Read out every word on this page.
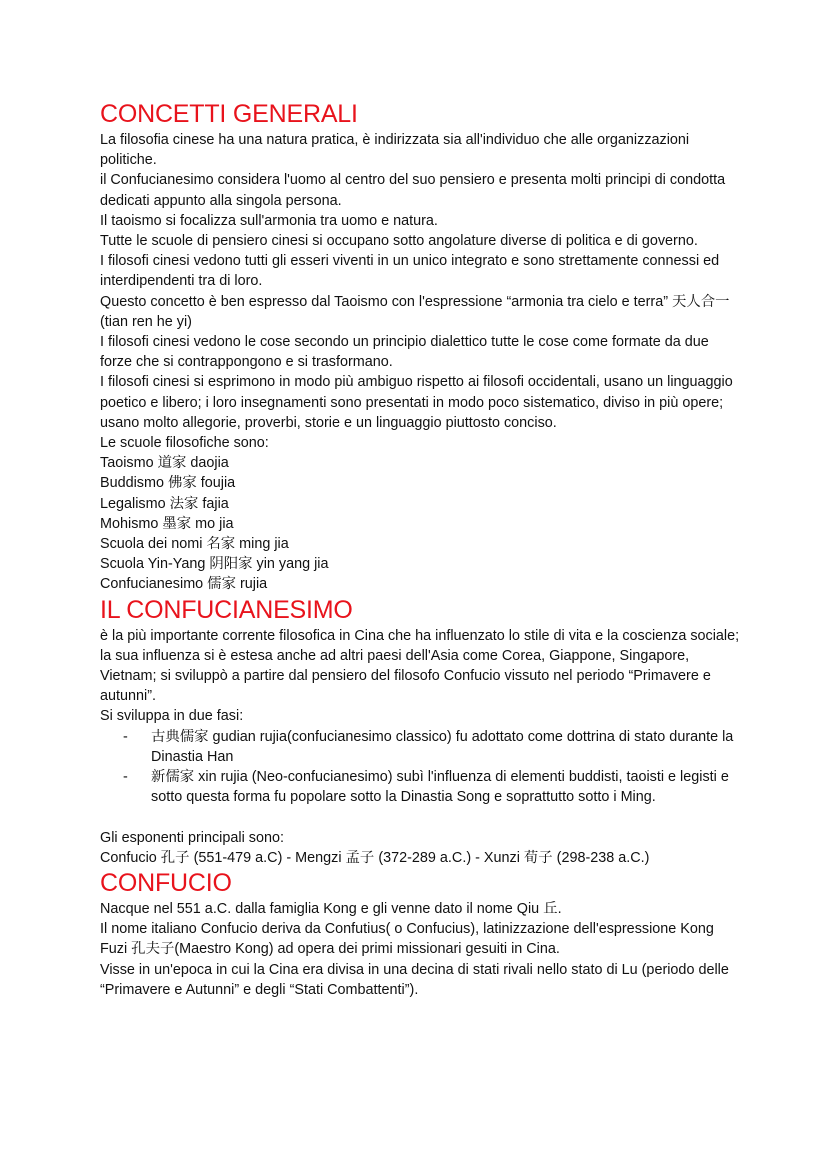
CONCETTI GENERALI

La filosofia cinese ha una natura pratica, è indirizzata sia all'individuo che alle organizzazioni politiche.

il Confucianesimo considera l'uomo al centro del suo pensiero e presenta molti principi di condotta dedicati appunto alla singola persona.

Il taoismo si focalizza sull'armonia tra uomo e natura.

Tutte le scuole di pensiero cinesi si occupano sotto angolature diverse di politica e di governo.

I filosofi cinesi vedono tutti gli esseri viventi in un unico integrato e sono strettamente connessi ed interdipendenti tra di loro.

Questo concetto è ben espresso dal Taoismo con l'espressione “armonia tra cielo e terra” 天人合一 (tian ren he yi)

I filosofi cinesi vedono le cose secondo un principio dialettico tutte le cose come formate da due forze che si contrappongono e si trasformano.

I filosofi cinesi si esprimono in modo più ambiguo rispetto ai filosofi occidentali, usano un linguaggio poetico e libero; i loro insegnamenti sono presentati in modo poco sistematico, diviso in più opere; usano molto allegorie, proverbi, storie e un linguaggio piuttosto conciso.

Le scuole filosofiche sono:

Taoismo 道家 daojia

Buddismo 佛家 foujia

Legalismo 法家 fajia

Mohismo 墨家 mo jia

Scuola dei nomi 名家 ming jia

Scuola Yin-Yang 阴阳家 yin yang jia

Confucianesimo 儒家 rujia

IL CONFUCIANESIMO

è la più importante corrente filosofica in Cina che ha influenzato lo stile di vita e la coscienza sociale; la sua influenza si è estesa anche ad altri paesi dell'Asia come Corea, Giappone, Singapore, Vietnam; si sviluppò a partire dal pensiero del filosofo Confucio vissuto nel periodo “Primavere e autunni”.

Si sviluppa in due fasi:

- 古典儒家 gudian rujia(confucianesimo classico) fu adottato come dottrina di stato durante la Dinastia Han
- 新儒家 xin rujia (Neo-confucianesimo) subì l'influenza di elementi buddisti, taoisti e legisti e sotto questa forma fu popolare sotto la Dinastia Song e soprattutto sotto i Ming.

Gli esponenti principali sono:

Confucio 孔子 (551-479 a.C) - Mengzi 孟子 (372-289 a.C.) - Xunzi 荀子 (298-238 a.C.)

CONFUCIO

Nacque nel 551 a.C. dalla famiglia Kong e gli venne dato il nome Qiu 丘.

Il nome italiano Confucio deriva da Confutius( o Confucius), latinizzazione dell'espressione Kong Fuzi 孔夫子(Maestro Kong) ad opera dei primi missionari gesuiti in Cina.

Visse in un'epoca in cui la Cina era divisa in una decina di stati rivali nello stato di Lu (periodo delle “Primavere e Autunni” e degli “Stati Combattenti”).
